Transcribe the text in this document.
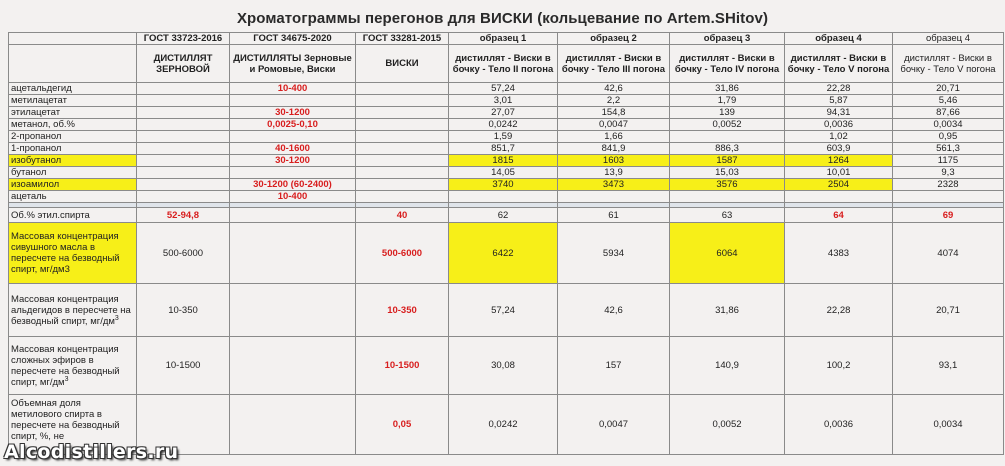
Хроматограммы перегонов для ВИСКИ (кольцевание по Artem.SHitov)
	ГОСТ 33723-2016	ГОСТ 34675-2020	ГОСТ 33281-2015	образец 1	образец 2	образец 3	образец 4	образец 4
	ДИСТИЛЛЯТ ЗЕРНОВОЙ	ДИСТИЛЛЯТЫ Зерновые и Ромовые, Виски	ВИСКИ	дистиллят - Виски в бочку - Тело II погона	дистиллят - Виски в бочку - Тело III погона	дистиллят - Виски в бочку - Тело IV погона	дистиллят - Виски в бочку - Тело V погона	дистиллят - Виски в бочку - Тело V погона
ацетальдегид		10-400		57,24	42,6	31,86	22,28	20,71
метилацетат				3,01	2,2	1,79	5,87	5,46
этилацетат		30-1200		27,07	154,8	139	94,31	87,66
метанол, об.%		0,0025-0,10		0,0242	0,0047	0,0052	0,0036	0,0034
2-пропанол				1,59	1,66		1,02	0,95
1-пропанол		40-1600		851,7	841,9	886,3	603,9	561,3
изобутанол		30-1200		1815	1603	1587	1264	1175
бутанол				14,05	13,9	15,03	10,01	9,3
изоамилол		30-1200 (60-2400)		3740	3473	3576	2504	2328
ацеталь		10-400						

Об.% этил.спирта	52-94,8		40	62	61	63	64	69
Массовая концентрация сивушного масла в пересчете на безводный спирт, мг/дм3	500-6000		500-6000	6422	5934	6064	4383	4074
Массовая концентрация альдегидов в пересчете на безводный спирт, $мг/дм^3$	10-350		10-350	57,24	42,6	31,86	22,28	20,71
Массовая концентрация сложных эфиров в пересчете на безводный спирт, $мг/дм^3$	10-1500		10-1500	30,08	157	140,9	100,2	93,1
Объемная доля метилового спирта в пересчете на безводный спирт, %, не			0,05	0,0242	0,0047	0,0052	0,0036	0,0034
Alcodistillers.ru
